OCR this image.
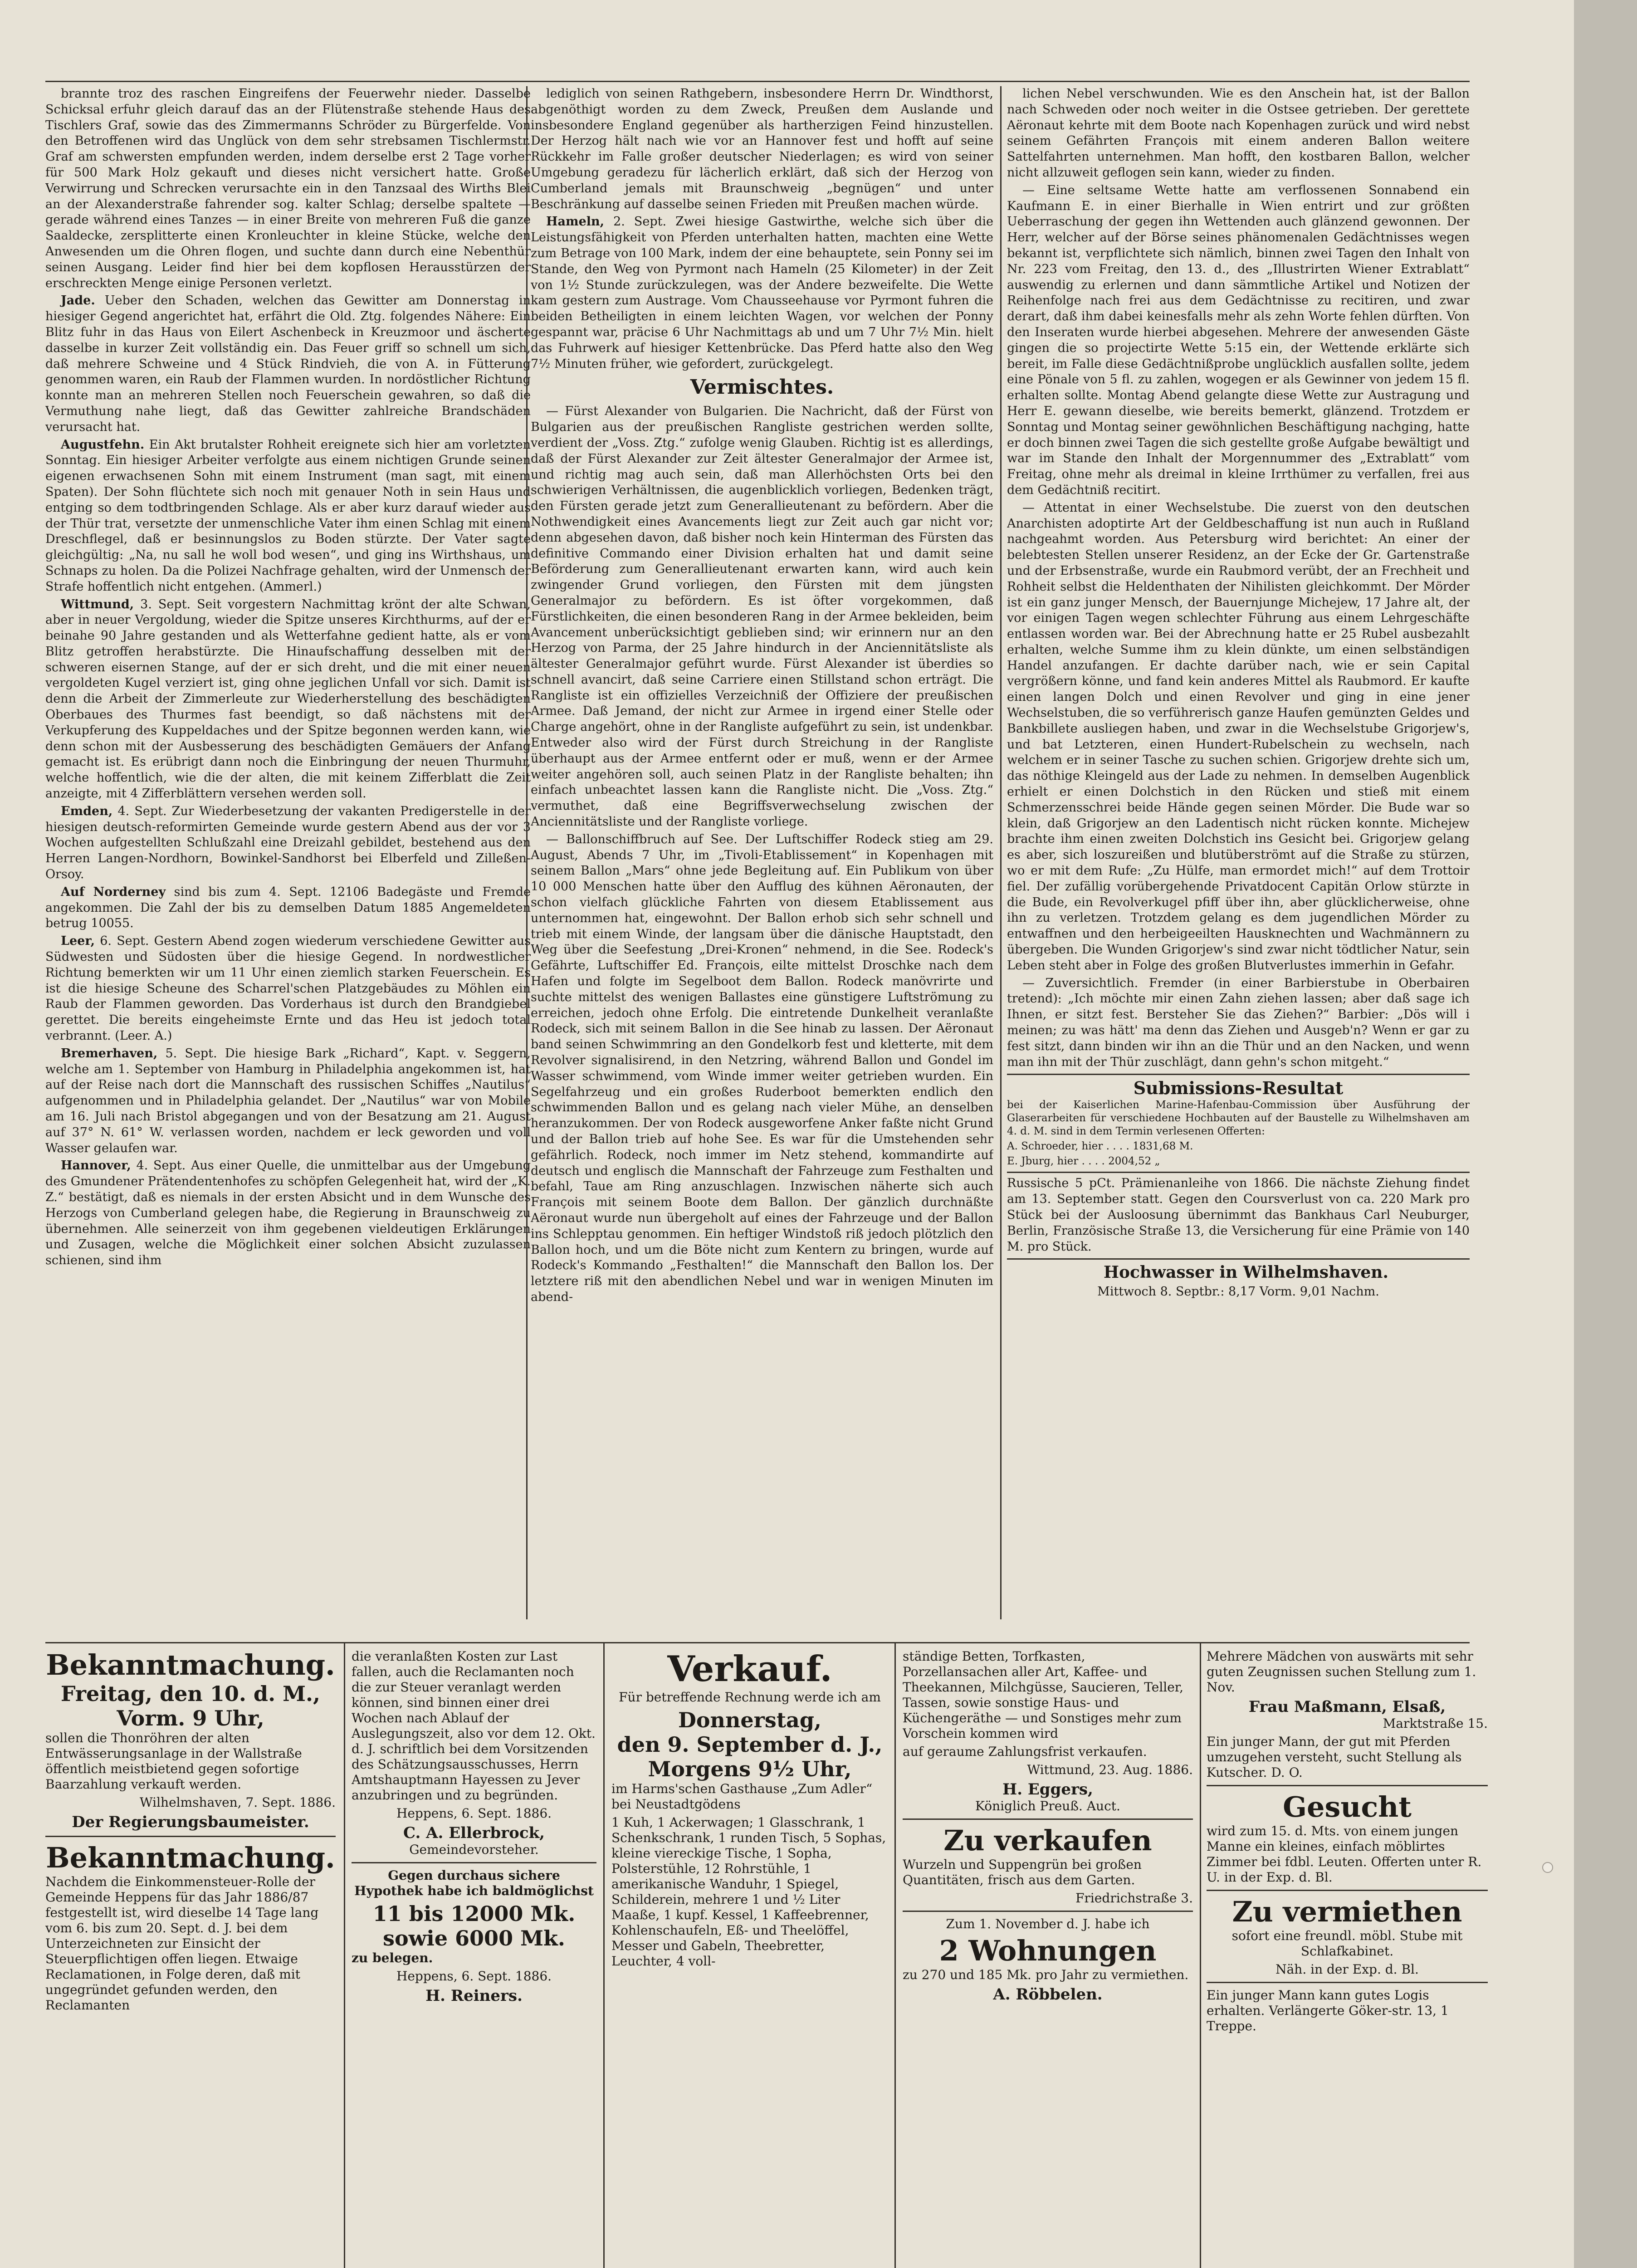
brannte troz des raschen Eingreifens der Feuerwehr nieder. Dasselbe Schicksal erfuhr gleich darauf das an der Flütenstraße stehende Haus des Tischlers Graf, sowie das des Zimmermanns Schröder zu Bürgerfelde. Von den Betroffenen wird das Unglück von dem sehr strebsamen Tischlermstr. Graf am schwersten empfunden werden, indem derselbe erst 2 Tage vorher für 500 Mark Holz gekauft und dieses nicht versichert hatte. Große Verwirrung und Schrecken verursachte ein in den Tanzsaal des Wirths Blei an der Alexanderstraße fahrender sog. kalter Schlag; derselbe spaltete — gerade während eines Tanzes — in einer Breite von mehreren Fuß die ganze Saaldecke, zersplitterte einen Kronleuchter in kleine Stücke, welche den Anwesenden um die Ohren flogen, und suchte dann durch eine Nebenthür seinen Ausgang. Leider find hier bei dem kopflosen Herausstürzen der erschreckten Menge einige Personen verletzt.

Jade. Ueber den Schaden, welchen das Gewitter am Donnerstag in hiesiger Gegend angerichtet hat, erfährt die Old. Ztg. folgendes Nähere: Ein Blitz fuhr in das Haus von Eilert Aschenbeck in Kreuzmoor und äscherte dasselbe in kurzer Zeit vollständig ein. Das Feuer griff so schnell um sich, daß mehrere Schweine und 4 Stück Rindvieh, die von A. in Fütterung genommen waren, ein Raub der Flammen wurden. In nordöstlicher Richtung konnte man an mehreren Stellen noch Feuerschein gewahren, so daß die Vermuthung nahe liegt, daß das Gewitter zahlreiche Brandschäden verursacht hat.

Augustfehn. Ein Akt brutalster Rohheit ereignete sich hier am vorletzten Sonntag. Ein hiesiger Arbeiter verfolgte aus einem nichtigen Grunde seinen eigenen erwachsenen Sohn mit einem Instrument (man sagt, mit einem Spaten). Der Sohn flüchtete sich noch mit genauer Noth in sein Haus und entging so dem todtbringenden Schlage. Als er aber kurz darauf wieder aus der Thür trat, versetzte der unmenschliche Vater ihm einen Schlag mit einem Dreschflegel, daß er besinnungslos zu Boden stürzte. Der Vater sagte gleichgültig: „Na, nu sall he woll bod wesen“, und ging ins Wirthshaus, um Schnaps zu holen. Da die Polizei Nachfrage gehalten, wird der Unmensch der Strafe hoffentlich nicht entgehen. (Ammerl.)

Wittmund, 3. Sept. Seit vorgestern Nachmittag krönt der alte Schwan, aber in neuer Vergoldung, wieder die Spitze unseres Kirchthurms, auf der er beinahe 90 Jahre gestanden und als Wetterfahne gedient hatte, als er vom Blitz getroffen herabstürzte. Die Hinaufschaffung desselben mit der schweren eisernen Stange, auf der er sich dreht, und die mit einer neuen vergoldeten Kugel verziert ist, ging ohne jeglichen Unfall vor sich. Damit ist denn die Arbeit der Zimmerleute zur Wiederherstellung des beschädigten Oberbaues des Thurmes fast beendigt, so daß nächstens mit der Verkupferung des Kuppeldaches und der Spitze begonnen werden kann, wie denn schon mit der Ausbesserung des beschädigten Gemäuers der Anfang gemacht ist. Es erübrigt dann noch die Einbringung der neuen Thurmuhr, welche hoffentlich, wie die der alten, die mit keinem Zifferblatt die Zeit anzeigte, mit 4 Zifferblättern versehen werden soll.

Emden, 4. Sept. Zur Wiederbesetzung der vakanten Predigerstelle in der hiesigen deutsch-reformirten Gemeinde wurde gestern Abend aus der vor 3 Wochen aufgestellten Schlußzahl eine Dreizahl gebildet, bestehend aus den Herren Langen-Nordhorn, Bowinkel-Sandhorst bei Elberfeld und Zilleßen-Orsoy.

Auf Norderney sind bis zum 4. Sept. 12106 Badegäste und Fremde angekommen. Die Zahl der bis zu demselben Datum 1885 Angemeldeten betrug 10055.

Leer, 6. Sept. Gestern Abend zogen wiederum verschiedene Gewitter aus Südwesten und Südosten über die hiesige Gegend. In nordwestlicher Richtung bemerkten wir um 11 Uhr einen ziemlich starken Feuerschein. Es ist die hiesige Scheune des Scharrel'schen Platzgebäudes zu Möhlen ein Raub der Flammen geworden. Das Vorderhaus ist durch den Brandgiebel gerettet. Die bereits eingeheimste Ernte und das Heu ist jedoch total verbrannt. (Leer. A.)

Bremerhaven, 5. Sept. Die hiesige Bark „Richard“, Kapt. v. Seggern, welche am 1. September von Hamburg in Philadelphia angekommen ist, hat auf der Reise nach dort die Mannschaft des russischen Schiffes „Nautilus“ aufgenommen und in Philadelphia gelandet. Der „Nautilus“ war von Mobile am 16. Juli nach Bristol abgegangen und von der Besatzung am 21. August auf 37° N. 61° W. verlassen worden, nachdem er leck geworden und voll Wasser gelaufen war.

Hannover, 4. Sept. Aus einer Quelle, die unmittelbar aus der Umgebung des Gmundener Prätendentenhofes zu schöpfen Gelegenheit hat, wird der „K. Z.“ bestätigt, daß es niemals in der ersten Absicht und in dem Wunsche des Herzogs von Cumberland gelegen habe, die Regierung in Braunschweig zu übernehmen. Alle seinerzeit von ihm gegebenen vieldeutigen Erklärungen und Zusagen, welche die Möglichkeit einer solchen Absicht zuzulassen schienen, sind ihm

lediglich von seinen Rathgebern, insbesondere Herrn Dr. Windthorst, abgenöthigt worden zu dem Zweck, Preußen dem Auslande und insbesondere England gegenüber als hartherzigen Feind hinzustellen. Der Herzog hält nach wie vor an Hannover fest und hofft auf seine Rückkehr im Falle großer deutscher Niederlagen; es wird von seiner Umgebung geradezu für lächerlich erklärt, daß sich der Herzog von Cumberland jemals mit Braunschweig „begnügen“ und unter Beschränkung auf dasselbe seinen Frieden mit Preußen machen würde.

Hameln, 2. Sept. Zwei hiesige Gastwirthe, welche sich über die Leistungsfähigkeit von Pferden unterhalten hatten, machten eine Wette zum Betrage von 100 Mark, indem der eine behauptete, sein Ponny sei im Stande, den Weg von Pyrmont nach Hameln (25 Kilometer) in der Zeit von 1½ Stunde zurückzulegen, was der Andere bezweifelte. Die Wette kam gestern zum Austrage. Vom Chausseehause vor Pyrmont fuhren die beiden Betheiligten in einem leichten Wagen, vor welchen der Ponny gespannt war, präcise 6 Uhr Nachmittags ab und um 7 Uhr 7½ Min. hielt das Fuhrwerk auf hiesiger Kettenbrücke. Das Pferd hatte also den Weg 7½ Minuten früher, wie gefordert, zurückgelegt.

Vermischtes.

— Fürst Alexander von Bulgarien. Die Nachricht, daß der Fürst von Bulgarien aus der preußischen Rangliste gestrichen werden sollte, verdient der „Voss. Ztg.“ zufolge wenig Glauben. Richtig ist es allerdings, daß der Fürst Alexander zur Zeit ältester Generalmajor der Armee ist, und richtig mag auch sein, daß man Allerhöchsten Orts bei den schwierigen Verhältnissen, die augenblicklich vorliegen, Bedenken trägt, den Fürsten gerade jetzt zum Generallieutenant zu befördern. Aber die Nothwendigkeit eines Avancements liegt zur Zeit auch gar nicht vor; denn abgesehen davon, daß bisher noch kein Hinterman des Fürsten das definitive Commando einer Division erhalten hat und damit seine Beförderung zum Generallieutenant erwarten kann, wird auch kein zwingender Grund vorliegen, den Fürsten mit dem jüngsten Generalmajor zu befördern. Es ist öfter vorgekommen, daß Fürstlichkeiten, die einen besonderen Rang in der Armee bekleiden, beim Avancement unberücksichtigt geblieben sind; wir erinnern nur an den Herzog von Parma, der 25 Jahre hindurch in der Anciennitätsliste als ältester Generalmajor geführt wurde. Fürst Alexander ist überdies so schnell avancirt, daß seine Carriere einen Stillstand schon erträgt. Die Rangliste ist ein offizielles Verzeichniß der Offiziere der preußischen Armee. Daß Jemand, der nicht zur Armee in irgend einer Stelle oder Charge angehört, ohne in der Rangliste aufgeführt zu sein, ist undenkbar. Entweder also wird der Fürst durch Streichung in der Rangliste überhaupt aus der Armee entfernt oder er muß, wenn er der Armee weiter angehören soll, auch seinen Platz in der Rangliste behalten; ihn einfach unbeachtet lassen kann die Rangliste nicht. Die „Voss. Ztg.“ vermuthet, daß eine Begriffsverwechselung zwischen der Anciennitätsliste und der Rangliste vorliege.

— Ballonschiffbruch auf See. Der Luftschiffer Rodeck stieg am 29. August, Abends 7 Uhr, im „Tivoli-Etablissement“ in Kopenhagen mit seinem Ballon „Mars“ ohne jede Begleitung auf. Ein Publikum von über 10 000 Menschen hatte über den Aufflug des kühnen Aëronauten, der schon vielfach glückliche Fahrten von diesem Etablissement aus unternommen hat, eingewohnt. Der Ballon erhob sich sehr schnell und trieb mit einem Winde, der langsam über die dänische Hauptstadt, den Weg über die Seefestung „Drei-Kronen“ nehmend, in die See. Rodeck's Gefährte, Luftschiffer Ed. François, eilte mittelst Droschke nach dem Hafen und folgte im Segelboot dem Ballon. Rodeck manövrirte und suchte mittelst des wenigen Ballastes eine günstigere Luftströmung zu erreichen, jedoch ohne Erfolg. Die eintretende Dunkelheit veranlaßte Rodeck, sich mit seinem Ballon in die See hinab zu lassen. Der Aëronaut band seinen Schwimmring an den Gondelkorb fest und kletterte, mit dem Revolver signalisirend, in den Netzring, während Ballon und Gondel im Wasser schwimmend, vom Winde immer weiter getrieben wurden. Ein Segelfahrzeug und ein großes Ruderboot bemerkten endlich den schwimmenden Ballon und es gelang nach vieler Mühe, an denselben heranzukommen. Der von Rodeck ausgeworfene Anker faßte nicht Grund und der Ballon trieb auf hohe See. Es war für die Umstehenden sehr gefährlich. Rodeck, noch immer im Netz stehend, kommandirte auf deutsch und englisch die Mannschaft der Fahrzeuge zum Festhalten und befahl, Taue am Ring anzuschlagen. Inzwischen näherte sich auch François mit seinem Boote dem Ballon. Der gänzlich durchnäßte Aëronaut wurde nun übergeholt auf eines der Fahrzeuge und der Ballon ins Schlepptau genommen. Ein heftiger Windstoß riß jedoch plötzlich den Ballon hoch, und um die Böte nicht zum Kentern zu bringen, wurde auf Rodeck's Kommando „Festhalten!“ die Mannschaft den Ballon los. Der letztere riß mit den abendlichen Nebel und war in wenigen Minuten im abend-

lichen Nebel verschwunden. Wie es den Anschein hat, ist der Ballon nach Schweden oder noch weiter in die Ostsee getrieben. Der gerettete Aëronaut kehrte mit dem Boote nach Kopenhagen zurück und wird nebst seinem Gefährten François mit einem anderen Ballon weitere Sattelfahrten unternehmen. Man hofft, den kostbaren Ballon, welcher nicht allzuweit geflogen sein kann, wieder zu finden.

— Eine seltsame Wette hatte am verflossenen Sonnabend ein Kaufmann E. in einer Bierhalle in Wien entrirt und zur größten Ueberraschung der gegen ihn Wettenden auch glänzend gewonnen. Der Herr, welcher auf der Börse seines phänomenalen Gedächtnisses wegen bekannt ist, verpflichtete sich nämlich, binnen zwei Tagen den Inhalt von Nr. 223 vom Freitag, den 13. d., des „Illustrirten Wiener Extrablatt“ auswendig zu erlernen und dann sämmtliche Artikel und Notizen der Reihenfolge nach frei aus dem Gedächtnisse zu recitiren, und zwar derart, daß ihm dabei keinesfalls mehr als zehn Worte fehlen dürften. Von den Inseraten wurde hierbei abgesehen. Mehrere der anwesenden Gäste gingen die so projectirte Wette 5:15 ein, der Wettende erklärte sich bereit, im Falle diese Gedächtnißprobe unglücklich ausfallen sollte, jedem eine Pönale von 5 fl. zu zahlen, wogegen er als Gewinner von jedem 15 fl. erhalten sollte. Montag Abend gelangte diese Wette zur Austragung und Herr E. gewann dieselbe, wie bereits bemerkt, glänzend. Trotzdem er Sonntag und Montag seiner gewöhnlichen Beschäftigung nachging, hatte er doch binnen zwei Tagen die sich gestellte große Aufgabe bewältigt und war im Stande den Inhalt der Morgennummer des „Extrablatt“ vom Freitag, ohne mehr als dreimal in kleine Irrthümer zu verfallen, frei aus dem Gedächtniß recitirt.

— Attentat in einer Wechselstube. Die zuerst von den deutschen Anarchisten adoptirte Art der Geldbeschaffung ist nun auch in Rußland nachgeahmt worden. Aus Petersburg wird berichtet: An einer der belebtesten Stellen unserer Residenz, an der Ecke der Gr. Gartenstraße und der Erbsenstraße, wurde ein Raubmord verübt, der an Frechheit und Rohheit selbst die Heldenthaten der Nihilisten gleichkommt. Der Mörder ist ein ganz junger Mensch, der Bauernjunge Michejew, 17 Jahre alt, der vor einigen Tagen wegen schlechter Führung aus einem Lehrgeschäfte entlassen worden war. Bei der Abrechnung hatte er 25 Rubel ausbezahlt erhalten, welche Summe ihm zu klein dünkte, um einen selbständigen Handel anzufangen. Er dachte darüber nach, wie er sein Capital vergrößern könne, und fand kein anderes Mittel als Raubmord. Er kaufte einen langen Dolch und einen Revolver und ging in eine jener Wechselstuben, die so verführerisch ganze Haufen gemünzten Geldes und Bankbillete ausliegen haben, und zwar in die Wechselstube Grigorjew's, und bat Letzteren, einen Hundert-Rubelschein zu wechseln, nach welchem er in seiner Tasche zu suchen schien. Grigorjew drehte sich um, das nöthige Kleingeld aus der Lade zu nehmen. In demselben Augenblick erhielt er einen Dolchstich in den Rücken und stieß mit einem Schmerzensschrei beide Hände gegen seinen Mörder. Die Bude war so klein, daß Grigorjew an den Ladentisch nicht rücken konnte. Michejew brachte ihm einen zweiten Dolchstich ins Gesicht bei. Grigorjew gelang es aber, sich loszureißen und blutüberströmt auf die Straße zu stürzen, wo er mit dem Rufe: „Zu Hülfe, man ermordet mich!“ auf dem Trottoir fiel. Der zufällig vorübergehende Privatdocent Capitän Orlow stürzte in die Bude, ein Revolverkugel pfiff über ihn, aber glücklicherweise, ohne ihn zu verletzen. Trotzdem gelang es dem jugendlichen Mörder zu entwaffnen und den herbeigeeilten Hausknechten und Wachmännern zu übergeben. Die Wunden Grigorjew's sind zwar nicht tödtlicher Natur, sein Leben steht aber in Folge des großen Blutverlustes immerhin in Gefahr.

— Zuversichtlich. Fremder (in einer Barbierstube in Oberbairen tretend): „Ich möchte mir einen Zahn ziehen lassen; aber daß sage ich Ihnen, er sitzt fest. Bersteher Sie das Ziehen?“ Barbier: „Dös will i meinen; zu was hätt' ma denn das Ziehen und Ausgeb'n? Wenn er gar zu fest sitzt, dann binden wir ihn an die Thür und an den Nacken, und wenn man ihn mit der Thür zuschlägt, dann gehn's schon mitgeht.“

Submissions-Resultat

bei der Kaiserlichen Marine-Hafenbau-Commission über Ausführung der Glaserarbeiten für verschiedene Hochbauten auf der Baustelle zu Wilhelmshaven am 4. d. M. sind in dem Termin verlesenen Offerten:

A. Schroeder, hier . . . . 1831,68 M.

E. Jburg, hier . . . . 2004,52 „

Russische 5 pCt. Prämienanleihe von 1866. Die nächste Ziehung findet am 13. September statt. Gegen den Coursverlust von ca. 220 Mark pro Stück bei der Ausloosung übernimmt das Bankhaus Carl Neuburger, Berlin, Französische Straße 13, die Versicherung für eine Prämie von 140 M. pro Stück.

Hochwasser in Wilhelmshaven.

Mittwoch 8. Septbr.: 8,17 Vorm. 9,01 Nachm.

Bekanntmachung.

Freitag, den 10. d. M.,

Vorm. 9 Uhr,

sollen die Thonröhren der alten Entwässerungsanlage in der Wallstraße öffentlich meistbietend gegen sofortige Baarzahlung verkauft werden.

Wilhelmshaven, 7. Sept. 1886.

Der Regierungsbaumeister.

Bekanntmachung.

Nachdem die Einkommensteuer-Rolle der Gemeinde Heppens für das Jahr 1886/87 festgestellt ist, wird dieselbe 14 Tage lang vom 6. bis zum 20. Sept. d. J. bei dem Unterzeichneten zur Einsicht der Steuerpflichtigen offen liegen. Etwaige Reclamationen, in Folge deren, daß mit ungegründet gefunden werden, den Reclamanten

die veranlaßten Kosten zur Last fallen, auch die Reclamanten noch die zur Steuer veranlagt werden können, sind binnen einer drei Wochen nach Ablauf der Auslegungszeit, also vor dem 12. Okt. d. J. schriftlich bei dem Vorsitzenden des Schätzungsausschusses, Herrn Amtshauptmann Hayessen zu Jever anzubringen und zu begründen.

Heppens, 6. Sept. 1886.

C. A. Ellerbrock,

Gemeindevorsteher.

Gegen durchaus sichere Hypothek habe ich baldmöglichst

11 bis 12000 Mk. sowie 6000 Mk.

zu belegen.

Heppens, 6. Sept. 1886.

H. Reiners.

Verkauf.

Für betreffende Rechnung werde ich am

Donnerstag,

den 9. September d. J.,

Morgens 9½ Uhr,

im Harms'schen Gasthause „Zum Adler“ bei Neustadtgödens

1 Kuh, 1 Ackerwagen; 1 Glasschrank, 1 Schenkschrank, 1 runden Tisch, 5 Sophas, kleine viereckige Tische, 1 Sopha, Polsterstühle, 12 Rohrstühle, 1 amerikanische Wanduhr, 1 Spiegel, Schilderein, mehrere 1 und ½ Liter Maaße, 1 kupf. Kessel, 1 Kaffeebrenner, Kohlenschaufeln, Eß- und Theelöffel, Messer und Gabeln, Theebretter, Leuchter, 4 voll-

ständige Betten, Torfkasten, Porzellansachen aller Art, Kaffee- und Theekannen, Milchgüsse, Saucieren, Teller, Tassen, sowie sonstige Haus- und Küchengeräthe — und Sonstiges mehr zum Vorschein kommen wird

auf geraume Zahlungsfrist verkaufen.

Wittmund, 23. Aug. 1886.

H. Eggers,

Königlich Preuß. Auct.

Zu verkaufen

Wurzeln und Suppengrün bei großen Quantitäten, frisch aus dem Garten.

Friedrichstraße 3.

Zum 1. November d. J. habe ich

2 Wohnungen

zu 270 und 185 Mk. pro Jahr zu vermiethen.

A. Röbbelen.

Mehrere Mädchen von auswärts mit sehr guten Zeugnissen suchen Stellung zum 1. Nov.

Frau Maßmann, Elsaß,

Marktstraße 15.

Ein junger Mann, der gut mit Pferden umzugehen versteht, sucht Stellung als Kutscher. D. O.

Gesucht

wird zum 15. d. Mts. von einem jungen Manne ein kleines, einfach möblirtes Zimmer bei fdbl. Leuten. Offerten unter R. U. in der Exp. d. Bl.

Zu vermiethen

sofort eine freundl. möbl. Stube mit Schlafkabinet.

Näh. in der Exp. d. Bl.

Ein junger Mann kann gutes Logis erhalten. Verlängerte Göker-str. 13, 1 Treppe.
